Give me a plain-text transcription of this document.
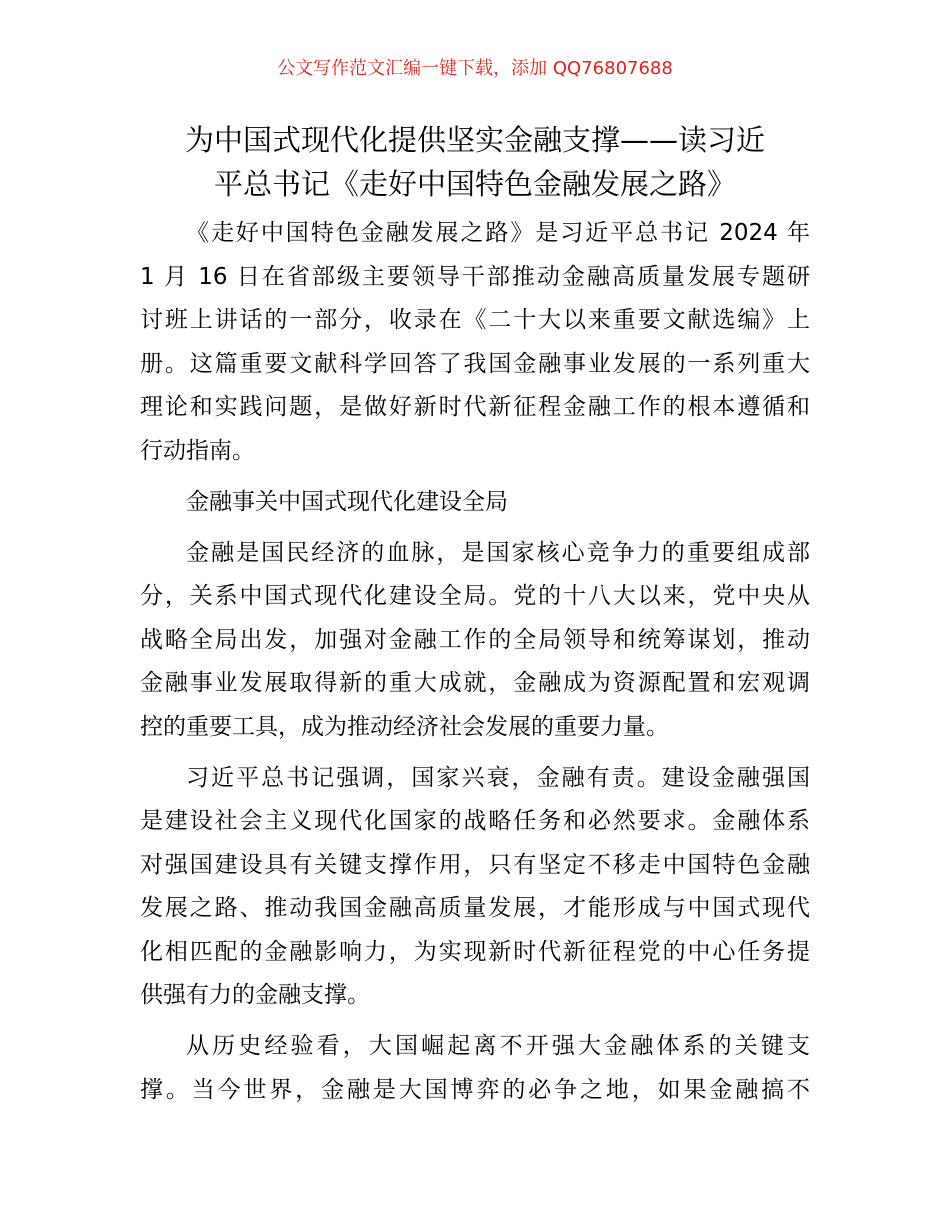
公文写作范文汇编一键下载，添加 QQ76807688
为中国式现代化提供坚实金融支撑——读习近
平总书记《走好中国特色金融发展之路》
《走好中国特色金融发展之路》是习近平总书记 2024 年
1 月 16 日在省部级主要领导干部推动金融高质量发展专题研
讨班上讲话的一部分，收录在《二十大以来重要文献选编》上
册。这篇重要文献科学回答了我国金融事业发展的一系列重大
理论和实践问题，是做好新时代新征程金融工作的根本遵循和
行动指南。
金融事关中国式现代化建设全局
金融是国民经济的血脉，是国家核心竞争力的重要组成部
分，关系中国式现代化建设全局。党的十八大以来，党中央从
战略全局出发，加强对金融工作的全局领导和统筹谋划，推动
金融事业发展取得新的重大成就，金融成为资源配置和宏观调
控的重要工具，成为推动经济社会发展的重要力量。
习近平总书记强调，国家兴衰，金融有责。建设金融强国
是建设社会主义现代化国家的战略任务和必然要求。金融体系
对强国建设具有关键支撑作用，只有坚定不移走中国特色金融
发展之路、推动我国金融高质量发展，才能形成与中国式现代
化相匹配的金融影响力，为实现新时代新征程党的中心任务提
供强有力的金融支撑。
从历史经验看，大国崛起离不开强大金融体系的关键支
撑。当今世界，金融是大国博弈的必争之地，如果金融搞不
